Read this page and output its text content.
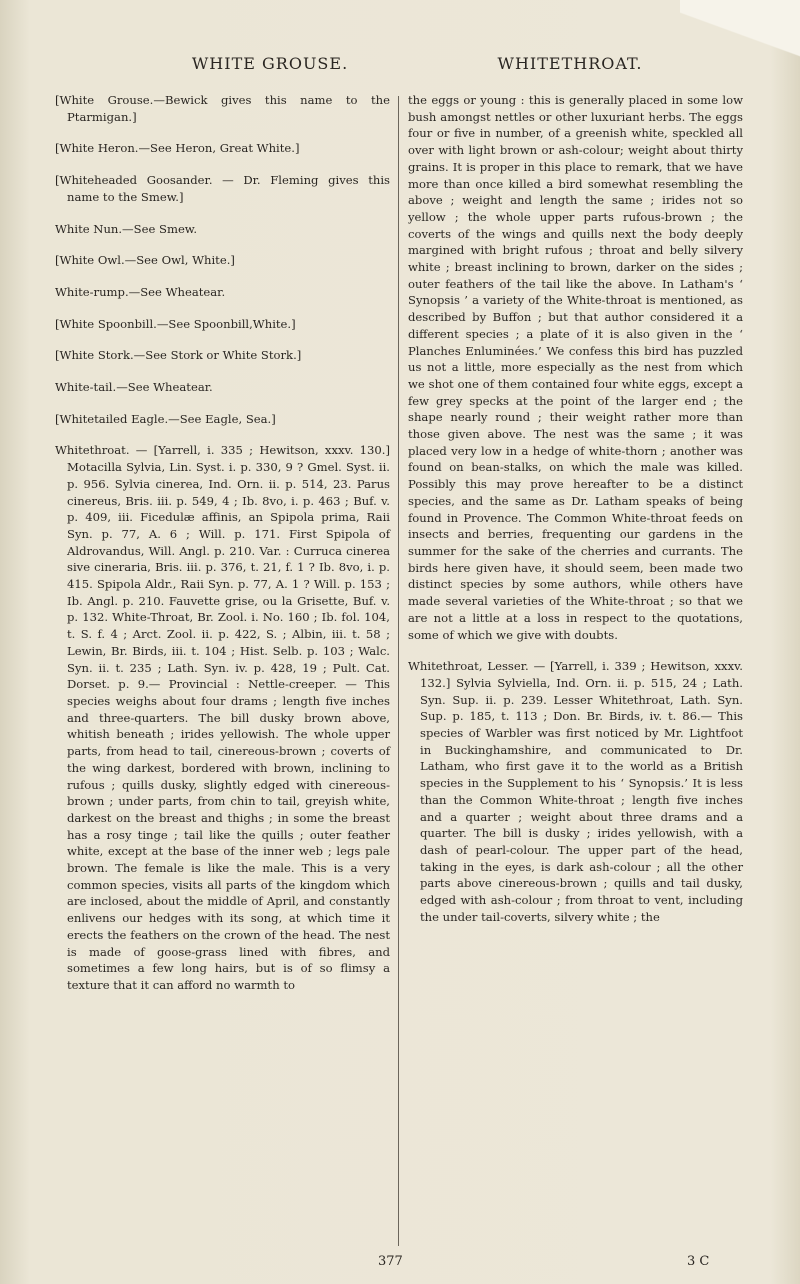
WHITE GROUSE.	WHITETHROAT.

[White Grouse.—Bewick gives this name to the Ptarmigan.]

[White Heron.—See Heron, Great White.]

[Whiteheaded Goosander. — Dr. Fleming gives this name to the Smew.]

White Nun.—See Smew.

[White Owl.—See Owl, White.]

White-rump.—See Wheatear.

[White Spoonbill.—See Spoonbill,White.]

[White Stork.—See Stork or White Stork.]

White-tail.—See Wheatear.

[Whitetailed Eagle.—See Eagle, Sea.]

Whitethroat. — [Yarrell, i. 335 ; Hewitson, xxxv. 130.] Motacilla Sylvia, Lin. Syst. i. p. 330, 9 ? Gmel. Syst. ii. p. 956. Sylvia cinerea, Ind. Orn. ii. p. 514, 23. Parus cinereus, Bris. iii. p. 549, 4 ; Ib. 8vo, i. p. 463 ; Buf. v. p. 409, iii. Ficedulæ affinis, an Spipola prima, Raii Syn. p. 77, A. 6 ; Will. p. 171. First Spipola of Aldrovandus, Will. Angl. p. 210. Var. : Curruca cinerea sive cineraria, Bris. iii. p. 376, t. 21, f. 1 ? Ib. 8vo, i. p. 415. Spipola Aldr., Raii Syn. p. 77, A. 1 ? Will. p. 153 ; Ib. Angl. p. 210. Fauvette grise, ou la Grisette, Buf. v. p. 132. White-Throat, Br. Zool. i. No. 160 ; Ib. fol. 104, t. S. f. 4 ; Arct. Zool. ii. p. 422, S. ; Albin, iii. t. 58 ; Lewin, Br. Birds, iii. t. 104 ; Hist. Selb. p. 103 ; Walc. Syn. ii. t. 235 ; Lath. Syn. iv. p. 428, 19 ; Pult. Cat. Dorset. p. 9.— Provincial : Nettle-creeper. — This species weighs about four drams ; length five inches and three-quarters. The bill dusky brown above, whitish beneath ; irides yellowish. The whole upper parts, from head to tail, cinereous-brown ; coverts of the wing darkest, bordered with brown, inclining to rufous ; quills dusky, slightly edged with cinereous-brown ; under parts, from chin to tail, greyish white, darkest on the breast and thighs ; in some the breast has a rosy tinge ; tail like the quills ; outer feather white, except at the base of the inner web ; legs pale brown. The female is like the male. This is a very common species, visits all parts of the kingdom which are inclosed, about the middle of April, and constantly enlivens our hedges with its song, at which time it erects the feathers on the crown of the head. The nest is made of goose-grass lined with fibres, and sometimes a few long hairs, but is of so flimsy a texture that it can afford no warmth to

the eggs or young : this is generally placed in some low bush amongst nettles or other luxuriant herbs. The eggs four or five in number, of a greenish white, speckled all over with light brown or ash-colour; weight about thirty grains. It is proper in this place to remark, that we have more than once killed a bird somewhat resembling the above ; weight and length the same ; irides not so yellow ; the whole upper parts rufous-brown ; the coverts of the wings and quills next the body deeply margined with bright rufous ; throat and belly silvery white ; breast inclining to brown, darker on the sides ; outer feathers of the tail like the above. In Latham's ‘ Synopsis ’ a variety of the White-throat is mentioned, as described by Buffon ; but that author considered it a different species ; a plate of it is also given in the ‘ Planches Enluminées.’ We confess this bird has puzzled us not a little, more especially as the nest from which we shot one of them contained four white eggs, except a few grey specks at the point of the larger end ; the shape nearly round ; their weight rather more than those given above. The nest was the same ; it was placed very low in a hedge of white-thorn ; another was found on bean-stalks, on which the male was killed. Possibly this may prove hereafter to be a distinct species, and the same as Dr. Latham speaks of being found in Provence. The Common White-throat feeds on insects and berries, frequenting our gardens in the summer for the sake of the cherries and currants. The birds here given have, it should seem, been made two distinct species by some authors, while others have made several varieties of the White-throat ; so that we are not a little at a loss in respect to the quotations, some of which we give with doubts.

Whitethroat, Lesser. — [Yarrell, i. 339 ; Hewitson, xxxv. 132.] Sylvia Sylviella, Ind. Orn. ii. p. 515, 24 ; Lath. Syn. Sup. ii. p. 239. Lesser Whitethroat, Lath. Syn. Sup. p. 185, t. 113 ; Don. Br. Birds, iv. t. 86.— This species of Warbler was first noticed by Mr. Lightfoot in Buckinghamshire, and communicated to Dr. Latham, who first gave it to the world as a British species in the Supplement to his ‘ Synopsis.’ It is less than the Common White-throat ; length five inches and a quarter ; weight about three drams and a quarter. The bill is dusky ; irides yellowish, with a dash of pearl-colour. The upper part of the head, taking in the eyes, is dark ash-colour ; all the other parts above cinereous-brown ; quills and tail dusky, edged with ash-colour ; from throat to vent, including the under tail-coverts, silvery white ; the

377	3 C
